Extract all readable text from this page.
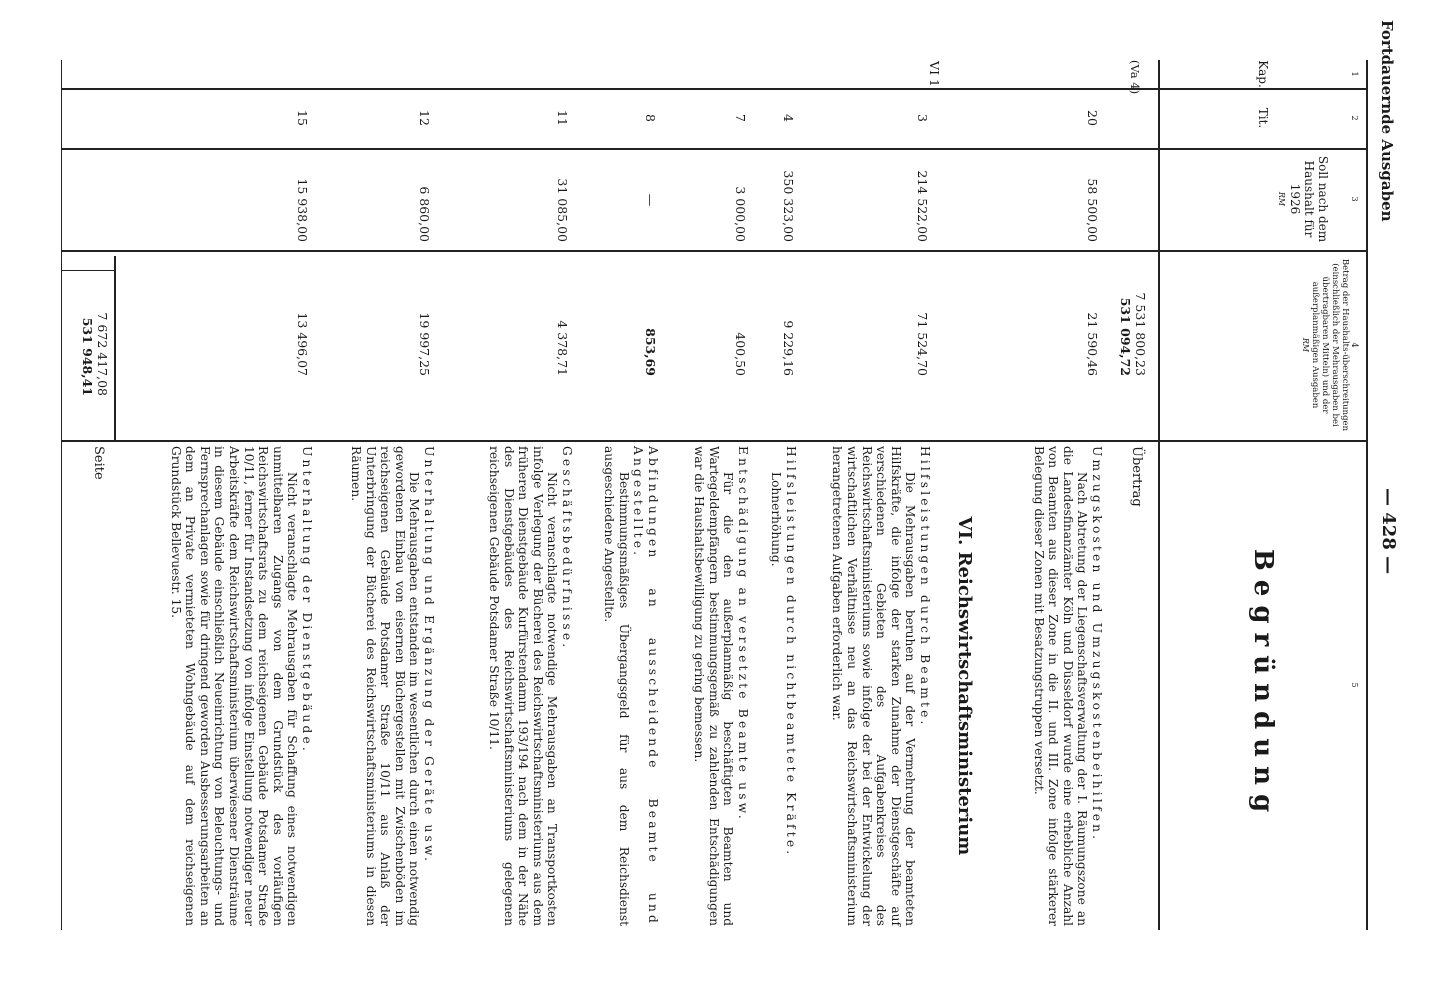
Fortdauernde Ausgaben
— 428 —
1
2
3
4
5
Kap.
Tit.
Soll nach dem Haushalt für 1926
RM
Betrag der Haushalts-überschreitungen (einschließlich der Mehrausgaben bei übertragbaren Mitteln) und der außerplanmäßigen Ausgaben
RM
Begründung
7 531 800,23
531 094,72
Übertrag
(Va 4)
20
58 500,00
21 590,46

Umzugskosten und Umzugskostenbeihilfen.

Nach Abtretung der Liegenschaftsverwaltung der I. Räumungszone an die Landesfinanzämter Köln und Düsseldorf wurde eine erhebliche Anzahl von Beamten aus dieser Zone in die II. und III. Zone infolge stärkerer Belegung dieser Zonen mit Besatzungstruppen versetzt.

VI. Reichswirtschaftsministerium
VI 1
3
214 522,00
71 524,70

Hilfsleistungen durch Beamte.

Die Mehrausgaben beruhen auf der Vermehrung der beamteten Hilfskräfte, die infolge der starken Zunahme der Dienstgeschäfte auf verschiedenen Gebieten des Aufgabenkreises des Reichswirtschaftsministeriums sowie infolge der bei der Entwickelung der wirtschaftlichen Verhältnisse neu an das Reichswirtschaftsministerium herangetretenen Aufgaben erforderlich war.

4
350 323,00
9 229,16

Hilfsleistungen durch nichtbeamtete Kräfte.

Lohnerhöhung.

7
3 000,00
400,50

Entschädigung an versetzte Beamte usw.

Für die den außerplanmäßig beschäftigten Beamten und Wartegeldempfängern bestimmungsgemäß zu zahlenden Entschädigungen war die Haushaltsbewilligung zu gering bemessen.

8
—
853,69

Abfindungen an ausscheidende Beamte und Angestellte.

Bestimmungsmäßiges Übergangsgeld für aus dem Reichsdienst ausgeschiedene Angestellte.

11
31 085,00
4 378,71

Geschäftsbedürfnisse.

Nicht veranschlagte notwendige Mehrausgaben an Transportkosten infolge Verlegung der Bücherei des Reichswirtschaftsministeriums aus dem früheren Dienstgebäude Kurfürstendamm 193/194 nach dem in der Nähe des Dienstgebäudes des Reichswirtschaftsministeriums gelegenen reichseigenen Gebäude Potsdamer Straße 10/11.

12
6 860,00
19 997,25

Unterhaltung und Ergänzung der Geräte usw.

Die Mehrausgaben entstanden im wesentlichen durch einen notwendig gewordenen Einbau von eisernen Büchergestellen mit Zwischenböden im reichseigenen Gebäude Potsdamer Straße 10/11 aus Anlaß der Unterbringung der Bücherei des Reichswirtschaftsministeriums in diesen Räumen.

15
15 938,00
13 496,07

Unterhaltung der Dienstgebäude.

Nicht veranschlagte Mehrausgaben für Schaffung eines notwendigen unmittelbaren Zugangs von dem Grundstück des vorläufigen Reichswirtschaftsrats zu dem reichseigenen Gebäude Potsdamer Straße 10/11, ferner für Instandsetzung von infolge Einstellung notwendiger neuer Arbeitskräfte dem Reichswirtschaftsministerium überwiesener Diensträume in diesem Gebäude einschließlich Neueinrichtung von Beleuchtungs- und Fernsprechanlagen sowie für dringend geworden Ausbesserungsarbeiten an dem an Private vermieteten Wohngebäude auf dem reichseigenen Grundstück Bellevuestr. 15.

7 672 417,08
531 948,41
Seite
